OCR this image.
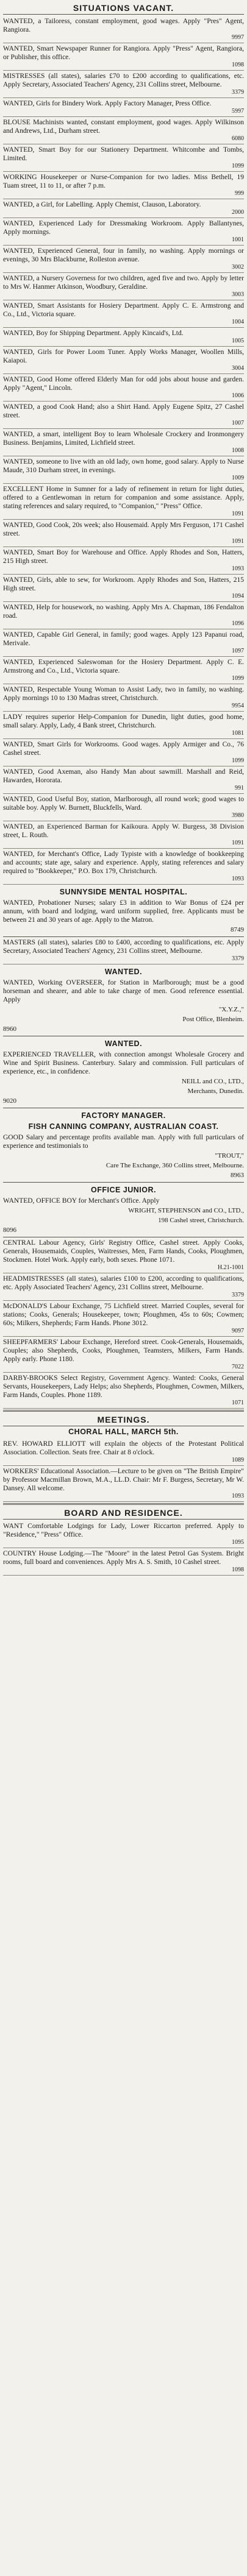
SITUATIONS VACANT.
WANTED, a Tailoress, constant employment, good wages. Apply "Pres" Agent, Rangiora.
9997
WANTED, Smart Newspaper Runner for Rangiora. Apply "Press" Agent, Rangiora, or Publisher, this office.
1098
MISTRESSES (all states), salaries £70 to £200 according to qualifications, etc. Apply Secretary, Associated Teachers' Agency, 231 Collins street, Melbourne.
3379
WANTED, Girls for Bindery Work. Apply Factory Manager, Press Office.
5997
BLOUSE Machinists wanted, constant employment, good wages. Apply Wilkinson and Andrews, Ltd., Durham street.
6080
WANTED, Smart Boy for our Stationery Department. Whitcombe and Tombs, Limited.
1099
WORKING Housekeeper or Nurse-Companion for two ladies. Miss Bethell, 19 Tuam street, 11 to 11, or after 7 p.m.
999
WANTED, a Girl, for Labelling. Apply Chemist, Clauson, Laboratory.
2000
WANTED, Experienced Lady for Dressmaking Workroom. Apply Ballantynes, Apply mornings.
1001
WANTED, Experienced General, four in family, no washing. Apply mornings or evenings, 30 Mrs Blackburne, Rolleston avenue.
3002
WANTED, a Nursery Governess for two children, aged five and two. Apply by letter to Mrs W. Hanmer Atkinson, Woodbury, Geraldine.
3003
WANTED, Smart Assistants for Hosiery Department. Apply C. E. Armstrong and Co., Ltd., Victoria square.
1004
WANTED, Boy for Shipping Department. Apply Kincaid's, Ltd.
1005
WANTED, Girls for Power Loom Tuner. Apply Works Manager, Woollen Mills, Kaiapoi.
3004
WANTED, Good Home offered Elderly Man for odd jobs about house and garden. Apply "Agent," Lincoln.
1006
WANTED, a good Cook Hand; also a Shirt Hand. Apply Eugene Spitz, 27 Cashel street.
1007
WANTED, a smart, intelligent Boy to learn Wholesale Crockery and Ironmongery Business. Benjamins, Limited, Lichfield street.
1008
WANTED, someone to live with an old lady, own home, good salary. Apply to Nurse Maude, 310 Durham street, in evenings.
1009
EXCELLENT Home in Sumner for a lady of refinement in return for light duties, offered to a Gentlewoman in return for companion and some assistance. Apply, stating references and salary required, to "Companion," "Press" Office.
1091
WANTED, Good Cook, 20s week; also Housemaid. Apply Mrs Ferguson, 171 Cashel street.
1091
WANTED, Smart Boy for Warehouse and Office. Apply Rhodes and Son, Hatters, 215 High street.
1093
WANTED, Girls, able to sew, for Workroom. Apply Rhodes and Son, Hatters, 215 High street.
1094
WANTED, Help for housework, no washing. Apply Mrs A. Chapman, 186 Fendalton road.
1096
WANTED, Capable Girl General, in family; good wages. Apply 123 Papanui road, Merivale.
1097
WANTED, Experienced Saleswoman for the Hosiery Department. Apply C. E. Armstrong and Co., Ltd., Victoria square.
1099
WANTED, Respectable Young Woman to Assist Lady, two in family, no washing. Apply mornings 10 to 130 Madras street, Christchurch.
9954
LADY requires superior Help-Companion for Dunedin, light duties, good home, small salary. Apply, Lady, 4 Bank street, Christchurch.
1081
WANTED, Smart Girls for Workrooms. Good wages. Apply Armiger and Co., 76 Cashel street.
1099
WANTED, Good Axeman, also Handy Man about sawmill. Marshall and Reid, Hawarden, Hororata.
991
WANTED, Good Useful Boy, station, Marlborough, all round work; good wages to suitable boy. Apply W. Burnett, Bluckfells, Ward.
3980
WANTED, an Experienced Barman for Kaikoura. Apply W. Burgess, 38 Division street, L. Routh.
1091
WANTED, for Merchant's Office, Lady Typiste with a knowledge of bookkeeping and accounts; state age, salary and experience. Apply, stating references and salary required to "Bookkeeper," P.O. Box 179, Christchurch.
1093
SUNNYSIDE MENTAL HOSPITAL.
WANTED, Probationer Nurses; salary £3 in addition to War Bonus of £24 per annum, with board and lodging, ward uniform supplied, free. Applicants must be between 21 and 30 years of age. Apply to the Matron.
8749
MASTERS (all states), salaries £80 to £400, according to qualifications, etc. Apply Secretary, Associated Teachers' Agency, 231 Collins street, Melbourne.
3379
WANTED.
WANTED, Working OVERSEER, for Station in Marlborough; must be a good horseman and shearer, and able to take charge of men. Good reference essential. Apply
"X.Y.Z.,"
Post Office, Blenheim.
8960
WANTED.
EXPERIENCED TRAVELLER, with connection amongst Wholesale Grocery and Wine and Spirit Business. Canterbury. Salary and commission. Full particulars of experience, etc., in confidence.
NEILL and CO., LTD.,
Merchants, Dunedin.
9020
FACTORY MANAGER.
FISH CANNING COMPANY, AUSTRALIAN COAST.
GOOD Salary and percentage profits available man. Apply with full particulars of experience and testimonials to
"TROUT,"
Care The Exchange, 360 Collins street, Melbourne.
8963
OFFICE JUNIOR.
WANTED, OFFICE BOY for Merchant's Office. Apply
WRIGHT, STEPHENSON and CO., LTD.,
198 Cashel street, Christchurch.
8096
CENTRAL Labour Agency, Girls' Registry Office, Cashel street. Apply Cooks, Generals, Housemaids, Couples, Waitresses, Men, Farm Hands, Cooks, Ploughmen, Stockmen. Hotel Work. Apply early, both sexes. Phone 1071.
H.21-1001
HEADMISTRESSES (all states), salaries £100 to £200, according to qualifications, etc. Apply Associated Teachers' Agency, 231 Collins street, Melbourne.
3379
McDONALD'S Labour Exchange, 75 Lichfield street. Married Couples, several for stations; Cooks, Generals; Housekeeper, town; Ploughmen, 45s to 60s; Cowmen; 60s; Milkers, Shepherds; Farm Hands. Phone 3012.
9097
SHEEPFARMERS' Labour Exchange, Hereford street. Cook-Generals, Housemaids, Couples; also Shepherds, Cooks, Ploughmen, Teamsters, Milkers, Farm Hands. Apply early. Phone 1180.
7022
DARBY-BROOKS Select Registry, Government Agency. Wanted: Cooks, General Servants, Housekeepers, Lady Helps; also Shepherds, Ploughmen, Cowmen, Milkers, Farm Hands, Couples. Phone 1189.
1071
MEETINGS.
CHORAL HALL, MARCH 5th.
REV. HOWARD ELLIOTT will explain the objects of the Protestant Political Association. Collection. Seats free. Chair at 8 o'clock.
1089
WORKERS' Educational Association.—Lecture to be given on "The British Empire" by Professor Macmillan Brown, M.A., LL.D. Chair: Mr F. Burgess, Secretary, Mr W. Dansey. All welcome.
1093
BOARD AND RESIDENCE.
WANT Comfortable Lodgings for Lady, Lower Riccarton preferred. Apply to "Residence," "Press" Office.
1095
COUNTRY House Lodging.—The "Moore" in the latest Petrol Gas System. Bright rooms, full board and conveniences. Apply Mrs A. S. Smith, 10 Cashel street.
1098
